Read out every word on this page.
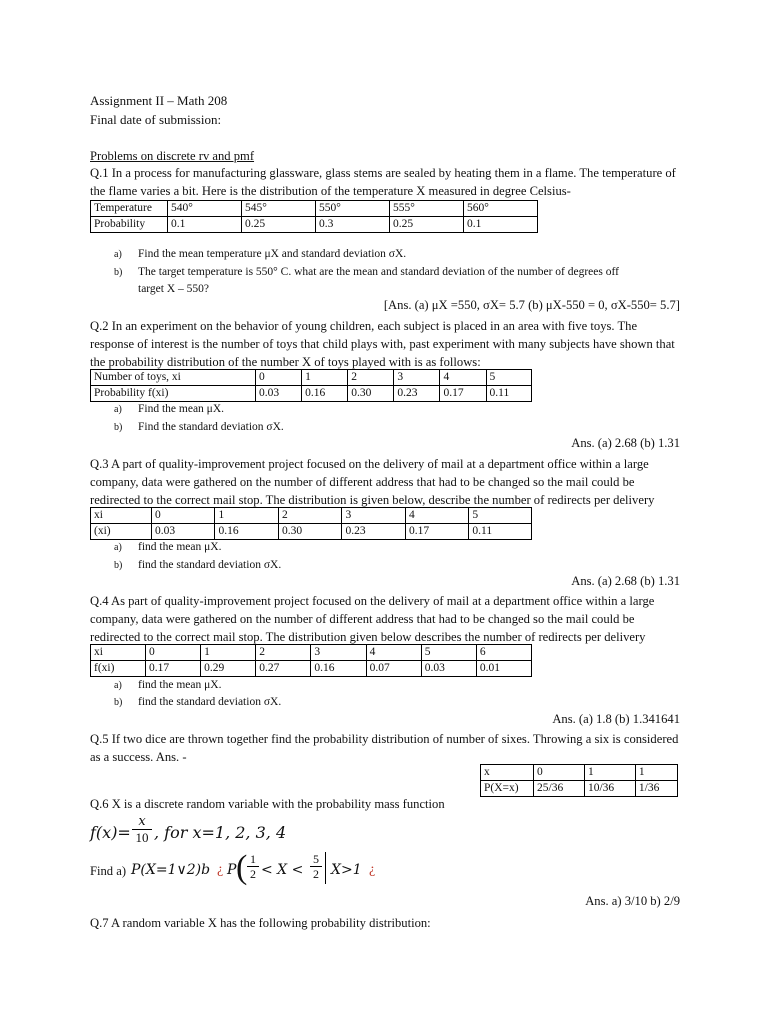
Assignment II – Math 208
Final date of submission:
Problems on discrete rv and pmf
Q.1 In a process for manufacturing glassware, glass stems are sealed by heating them in a flame. The temperature of
the flame varies a bit. Here is the distribution of the temperature X measured in degree Celsius-
Temperature	540°	545°	550°	555°	560°
Probability	0.1	0.25	0.3	0.25	0.1
a) Find the mean temperature μX and standard deviation σX.
b) The target temperature is 550° C. what are the mean and standard deviation of the number of degrees off
target X – 550?
[Ans. (a) μX =550, σX= 5.7 (b) μX-550 = 0, σX-550= 5.7]
Q.2 In an experiment on the behavior of young children, each subject is placed in an area with five toys. The
response of interest is the number of toys that child plays with, past experiment with many subjects have shown that
the probability distribution of the number X of toys played with is as follows:
Number of toys, xi	0	1	2	3	4	5
Probability f(xi)	0.03	0.16	0.30	0.23	0.17	0.11
a) Find the mean μX.
b) Find the standard deviation σX.
Ans. (a) 2.68 (b) 1.31
Q.3 A part of quality-improvement project focused on the delivery of mail at a department office within a large
company, data were gathered on the number of different address that had to be changed so the mail could be
redirected to the correct mail stop. The distribution is given below, describe the number of redirects per delivery
xi	0	1	2	3	4	5
(xi)	0.03	0.16	0.30	0.23	0.17	0.11
a) find the mean μX.
b) find the standard deviation σX.
Ans. (a) 2.68 (b) 1.31
Q.4 As part of quality-improvement project focused on the delivery of mail at a department office within a large
company, data were gathered on the number of different address that had to be changed so the mail could be
redirected to the correct mail stop. The distribution given below describes the number of redirects per delivery
xi	0	1	2	3	4	5	6
f(xi)	0.17	0.29	0.27	0.16	0.07	0.03	0.01
a) find the mean μX.
b) find the standard deviation σX.
Ans. (a) 1.8 (b) 1.341641
Q.5 If two dice are thrown together find the probability distribution of number of sixes. Throwing a six is considered
as a success. Ans. -
x	0	1	1
P(X=x)	25/36	10/36	1/36
Q.6 X is a discrete random variable with the probability mass function
f(x)=
x
10 , for x=1, 2, 3, 4
Find a) P(X=1∨2)b ¿ P ( 1
2 < X <
5
2 X>1 ¿
Ans. a) 3/10 b) 2/9
Q.7 A random variable X has the following probability distribution:
